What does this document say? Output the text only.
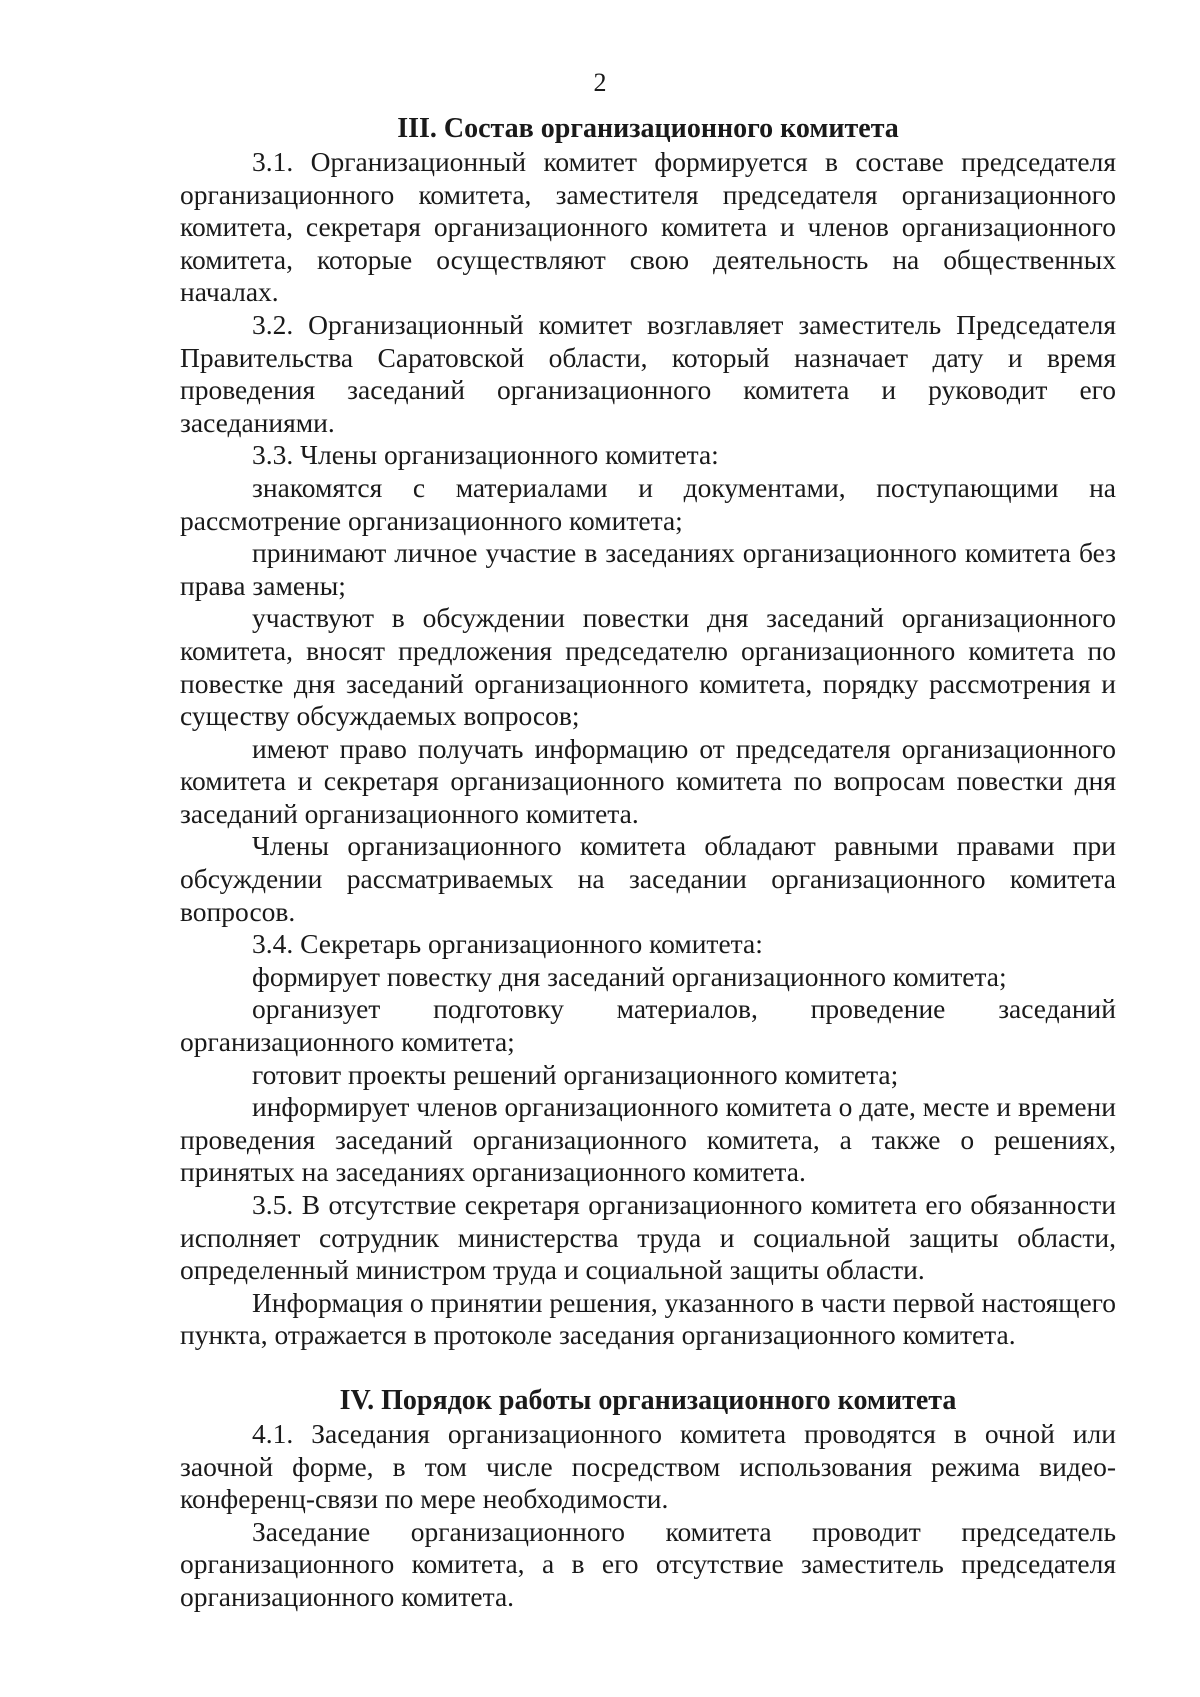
2
III. Состав организационного комитета

3.1. Организационный комитет формируется в составе председателя организационного комитета, заместителя председателя организационного комитета, секретаря организационного комитета и членов организационного комитета, которые осуществляют свою деятельность на общественных началах.

3.2. Организационный комитет возглавляет заместитель Председателя Правительства Саратовской области, который назначает дату и время проведения заседаний организационного комитета и руководит его заседаниями.

3.3. Члены организационного комитета:

знакомятся с материалами и документами, поступающими на рассмотрение организационного комитета;

принимают личное участие в заседаниях организационного комитета без права замены;

участвуют в обсуждении повестки дня заседаний организационного комитета, вносят предложения председателю организационного комитета по повестке дня заседаний организационного комитета, порядку рассмотрения и существу обсуждаемых вопросов;

имеют право получать информацию от председателя организационного комитета и секретаря организационного комитета по вопросам повестки дня заседаний организационного комитета.

Члены организационного комитета обладают равными правами при обсуждении рассматриваемых на заседании организационного комитета вопросов.

3.4. Секретарь организационного комитета:

формирует повестку дня заседаний организационного комитета;

организует подготовку материалов, проведение заседаний организационного комитета;

готовит проекты решений организационного комитета;

информирует членов организационного комитета о дате, месте и времени проведения заседаний организационного комитета, а также о решениях, принятых на заседаниях организационного комитета.

3.5. В отсутствие секретаря организационного комитета его обязанности исполняет сотрудник министерства труда и социальной защиты области, определенный министром труда и социальной защиты области.

Информация о принятии решения, указанного в части первой настоящего пункта, отражается в протоколе заседания организационного комитета.

IV. Порядок работы организационного комитета

4.1. Заседания организационного комитета проводятся в очной или заочной форме, в том числе посредством использования режима видео-конференц-связи по мере необходимости.

Заседание организационного комитета проводит председатель организационного комитета, а в его отсутствие заместитель председателя организационного комитета.
